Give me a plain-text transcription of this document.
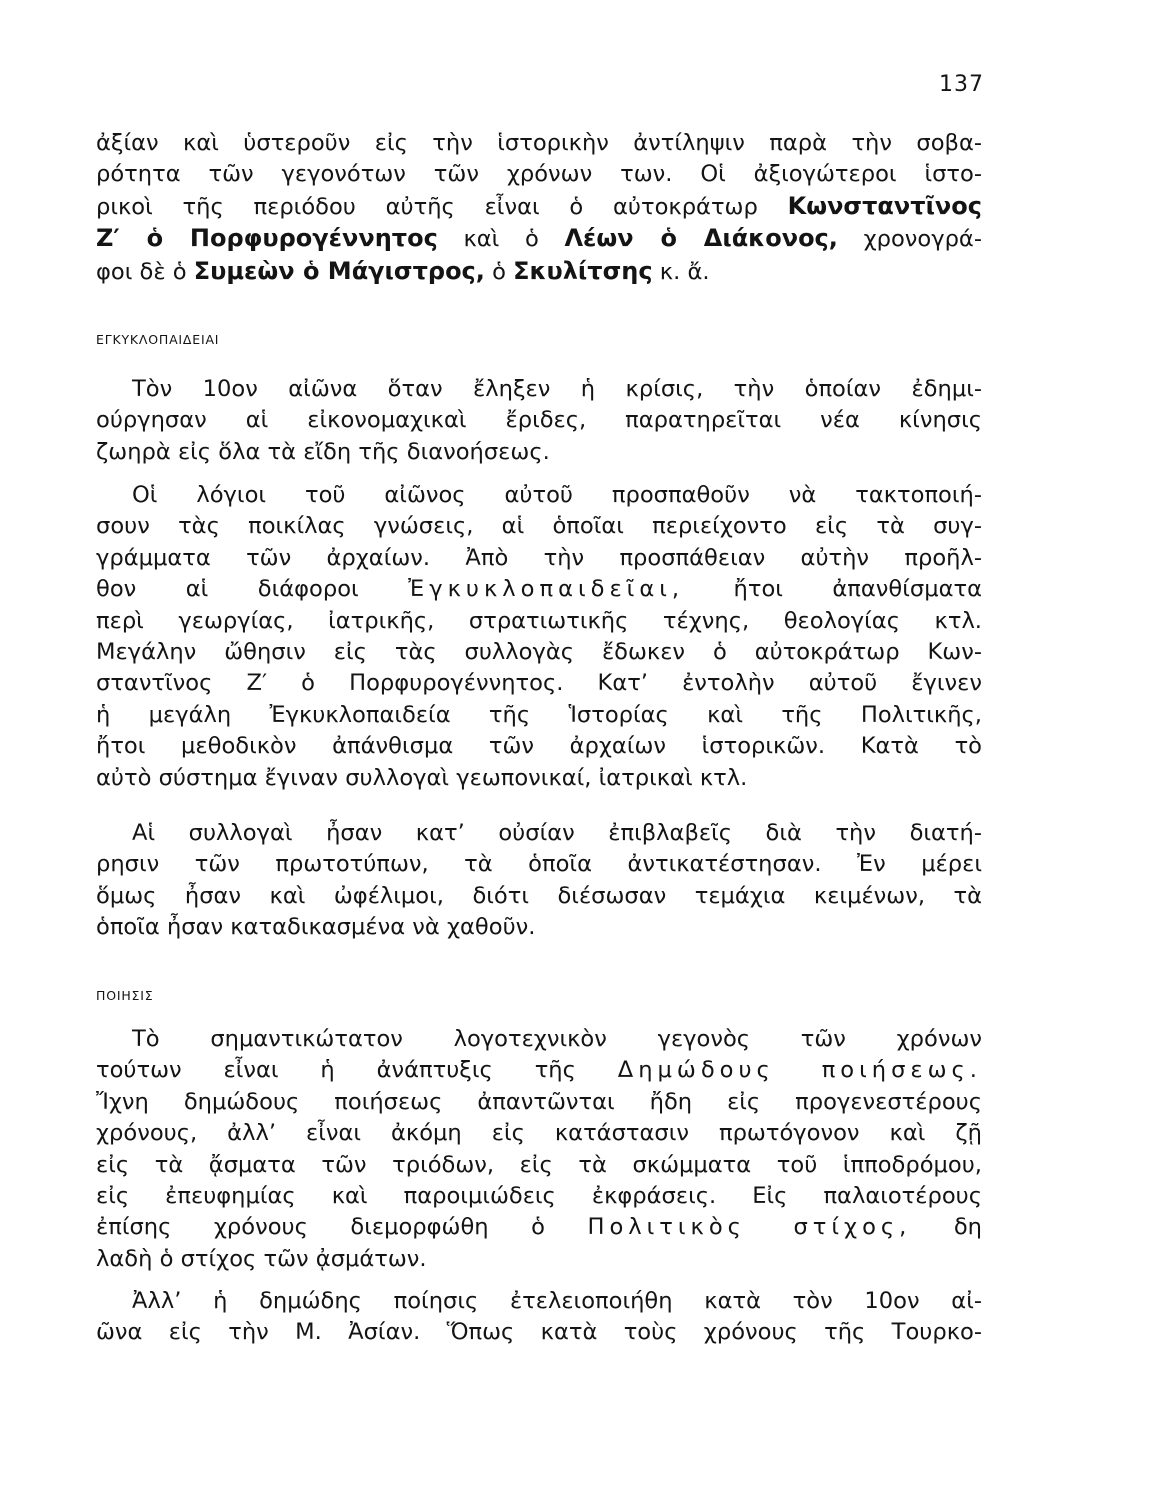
137
ἀξίαν καὶ ὑστεροῦν εἰς τὴν ἱστορικὴν ἀντίληψιν παρὰ τὴν σοβα-
ρότητα τῶν γεγονότων τῶν χρόνων των. Οἱ ἀξιογώτεροι ἱστο-
ρικοὶ τῆς περιόδου αὐτῆς εἶναι ὁ αὐτοκράτωρ Κωνσταντῖνος
Ζ′ ὁ Πορφυρογέννητος καὶ ὁ Λέων ὁ Διάκονος, χρονογρά-
φοι δὲ ὁ Συμεὼν ὁ Μάγιστρος, ὁ Σκυλίτσης κ. ἄ.
ΕΓΚΥΚΛΟΠΑΙΔΕΙΑΙ
Τὸν 10ον αἰῶνα ὅταν ἔληξεν ἡ κρίσις, τὴν ὁποίαν ἐδημι-
ούργησαν αἱ εἰκονομαχικαὶ ἔριδες, παρατηρεῖται νέα κίνησις
ζωηρὰ εἰς ὅλα τὰ εἴδη τῆς διανοήσεως.
Οἱ λόγιοι τοῦ αἰῶνος αὐτοῦ προσπαθοῦν νὰ τακτοποιή-
σουν τὰς ποικίλας γνώσεις, αἱ ὁποῖαι περιείχοντο εἰς τὰ συγ-
γράμματα τῶν ἀρχαίων. Ἀπὸ τὴν προσπάθειαν αὐτὴν προῆλ-
θον αἱ διάφοροι Ἐγκυκλοπαιδεῖαι, ἤτοι ἀπανθίσματα
περὶ γεωργίας, ἰατρικῆς, στρατιωτικῆς τέχνης, θεολογίας κτλ.
Μεγάλην ὤθησιν εἰς τὰς συλλογὰς ἔδωκεν ὁ αὐτοκράτωρ Κων-
σταντῖνος Ζ′ ὁ Πορφυρογέννητος. Κατ’ ἐντολὴν αὐτοῦ ἔγινεν
ἡ μεγάλη Ἐγκυκλοπαιδεία τῆς Ἱστορίας καὶ τῆς Πολιτικῆς,
ἤτοι μεθοδικὸν ἀπάνθισμα τῶν ἀρχαίων ἱστορικῶν. Κατὰ τὸ
αὐτὸ σύστημα ἔγιναν συλλογαὶ γεωπονικαί, ἰατρικαὶ κτλ.
Αἱ συλλογαὶ ἦσαν κατ’ οὐσίαν ἐπιβλαβεῖς διὰ τὴν διατή-
ρησιν τῶν πρωτοτύπων, τὰ ὁποῖα ἀντικατέστησαν. Ἐν μέρει
ὅμως ἦσαν καὶ ὠφέλιμοι, διότι διέσωσαν τεμάχια κειμένων, τὰ
ὁποῖα ἦσαν καταδικασμένα νὰ χαθοῦν.
ΠΟΙΗΣΙΣ
Τὸ σημαντικώτατον λογοτεχνικὸν γεγονὸς τῶν χρόνων
τούτων εἶναι ἡ ἀνάπτυξις τῆς Δημώδους ποιήσεως.
Ἴχνη δημώδους ποιήσεως ἀπαντῶνται ἤδη εἰς προγενεστέρους
χρόνους, ἀλλ’ εἶναι ἀκόμη εἰς κατάστασιν πρωτόγονον καὶ ζῇ
εἰς τὰ ᾄσματα τῶν τριόδων, εἰς τὰ σκώμματα τοῦ ἱπποδρόμου,
εἰς ἐπευφημίας καὶ παροιμιώδεις ἐκφράσεις. Εἰς παλαιοτέρους
ἐπίσης χρόνους διεμορφώθη ὁ Πολιτικὸς στίχος, δη
λαδὴ ὁ στίχος τῶν ᾀσμάτων.
Ἀλλ’ ἡ δημώδης ποίησις ἐτελειοποιήθη κατὰ τὸν 10ον αἰ-
ῶνα εἰς τὴν Μ. Ἀσίαν. Ὅπως κατὰ τοὺς χρόνους τῆς Τουρκο-
